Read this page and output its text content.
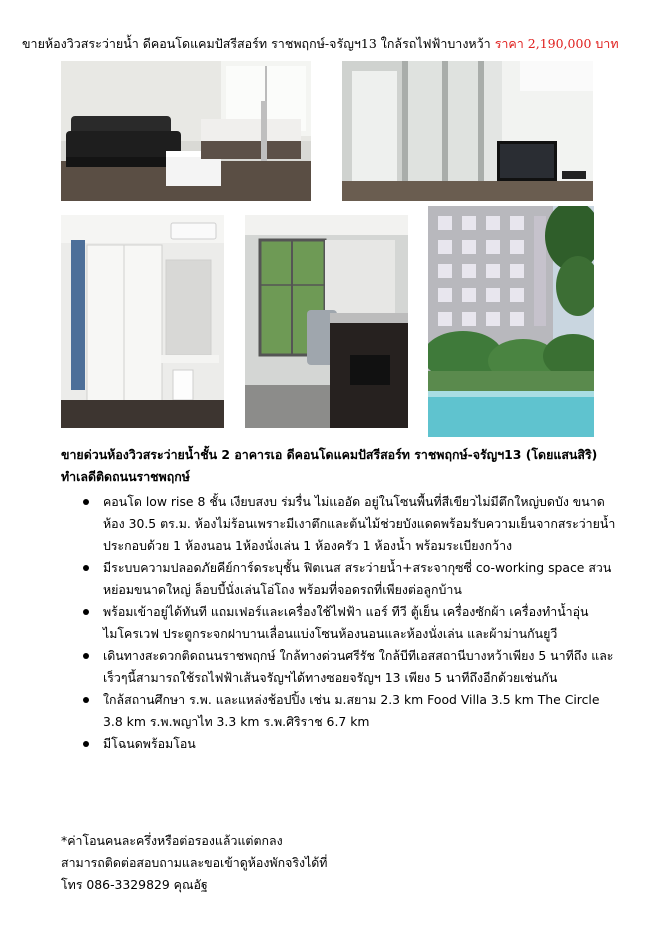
ขายห้องวิวสระว่ายน้ำ ดีคอนโดแคมปัสรีสอร์ท ราชพฤกษ์-จรัญฯ13 ใกล้รถไฟฟ้าบางหว้า ราคา 2,190,000 บาท
ขายด่วนห้องวิวสระว่ายน้ำชั้น 2 อาคารเอ ดีคอนโดแคมปัสรีสอร์ท ราชพฤกษ์-จรัญฯ13 (โดยแสนสิริ) ทำเลดีติดถนนราชพฤกษ์
คอนโด low rise 8 ชั้น เงียบสงบ ร่มรื่น ไม่แออัด อยู่ในโซนพื้นที่สีเขียวไม่มีตึกใหญ่บดบัง ขนาดห้อง 30.5 ตร.ม. ห้องไม่ร้อนเพราะมีเงาตึกและต้นไม้ช่วยบังแดดพร้อมรับความเย็นจากสระว่ายน้ำ ประกอบด้วย 1 ห้องนอน 1ห้องนั่งเล่น 1 ห้องครัว 1 ห้องน้ำ พร้อมระเบียงกว้าง
มีระบบความปลอดภัยคีย์การ์ดระบุชั้น ฟิตเนส สระว่ายน้ำ+สระจากุซซี่ co-working space สวนหย่อมขนาดใหญ่ ล็อบบี้นั่งเล่นโอ่โถง พร้อมที่จอดรถที่เพียงต่อลูกบ้าน
พร้อมเข้าอยู่ได้ทันที แถมเฟอร์และเครื่องใช้ไฟฟ้า แอร์ ทีวี ตู้เย็น เครื่องซักผ้า เครื่องทำน้ำอุ่น ไมโครเวฟ ประตูกระจกฝาบานเลื่อนแบ่งโซนห้องนอนและห้องนั่งเล่น และผ้าม่านกันยูวี
เดินทางสะดวกติดถนนราชพฤกษ์ ใกล้ทางด่วนศรีรัช ใกล้บีทีเอสสถานีบางหว้าเพียง 5 นาทีถึง และเร็วๆนี้สามารถใช้รถไฟฟ้าเส้นจรัญฯได้ทางซอยจรัญฯ 13 เพียง 5 นาทีถึงอีกด้วยเช่นกัน
ใกล้สถานศึกษา ร.พ. และแหล่งช้อปปิ้ง เช่น ม.สยาม 2.3 km Food Villa 3.5 km The Circle 3.8 km ร.พ.พญาไท 3.3 km ร.พ.ศิริราช 6.7 km
มีโฉนดพร้อมโอน
*ค่าโอนคนละครึ่งหรือต่อรองแล้วแต่ตกลง
สามารถติดต่อสอบถามและขอเข้าดูห้องพักจริงได้ที่
โทร 086-3329829 คุณอัฐ
